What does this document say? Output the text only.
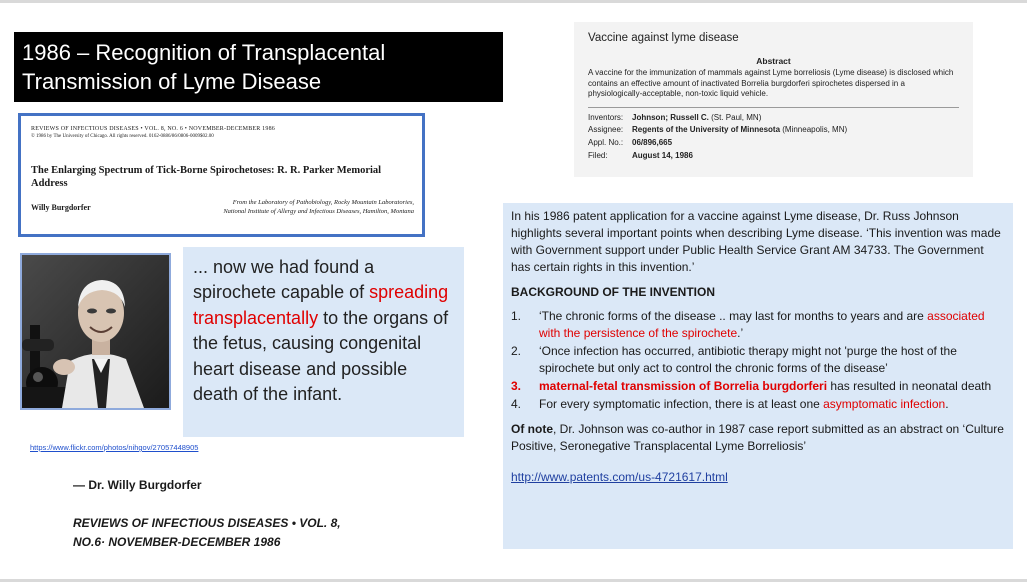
1986 – Recognition of Transplacental
Transmission of Lyme Disease
REVIEWS OF INFECTIOUS DISEASES • VOL. 8, NO. 6 • NOVEMBER-DECEMBER 1986
© 1986 by The University of Chicago. All rights reserved. 0162-0886/86/0806-0009$02.00
The Enlarging Spectrum of Tick-Borne Spirochetoses: R. R. Parker Memorial Address
Willy Burgdorfer
From the Laboratory of Pathobiology, Rocky Mountain Laboratories, National Institute of Allergy and Infectious Diseases, Hamilton, Montana
... now we had found a spirochete capable of spreading transplacentally to the organs of the fetus, causing congenital heart disease and possible death of the infant.
https://www.flickr.com/photos/nihgov/27057448905
— Dr. Willy Burgdorfer
REVIEWS OF INFECTIOUS DISEASES • VOL. 8, NO.6· NOVEMBER-DECEMBER 1986
Vaccine against lyme disease
Abstract
A vaccine for the immunization of mammals against Lyme borreliosis (Lyme disease) is disclosed which contains an effective amount of inactivated Borrelia burgdorferi spirochetes dispersed in a physiologically-acceptable, non-toxic liquid vehicle.
Inventors:	Johnson; Russell C. (St. Paul, MN)
Assignee:	Regents of the University of Minnesota (Minneapolis, MN)
Appl. No.:	06/896,665
Filed:	August 14, 1986

In his 1986 patent application for a vaccine against Lyme disease, Dr. Russ Johnson highlights several important points when describing Lyme disease. ‘This invention was made with Government support under Public Health Service Grant AM 34733. The Government has certain rights in this invention.’

BACKGROUND OF THE INVENTION

1.	‘The chronic forms of the disease .. may last for months to years and are associated with the persistence of the spirochete.’
2.	‘Once infection has occurred, antibiotic therapy might not 'purge the host of the spirochete but only act to control the chronic forms of the disease’
3.	maternal-fetal transmission of Borrelia burgdorferi has resulted in neonatal death
4.	For every symptomatic infection, there is at least one asymptomatic infection.

Of note, Dr. Johnson was co-author in 1987 case report submitted as an abstract on ‘Culture Positive, Seronegative Transplacental Lyme Borreliosis’

http://www.patents.com/us-4721617.html
